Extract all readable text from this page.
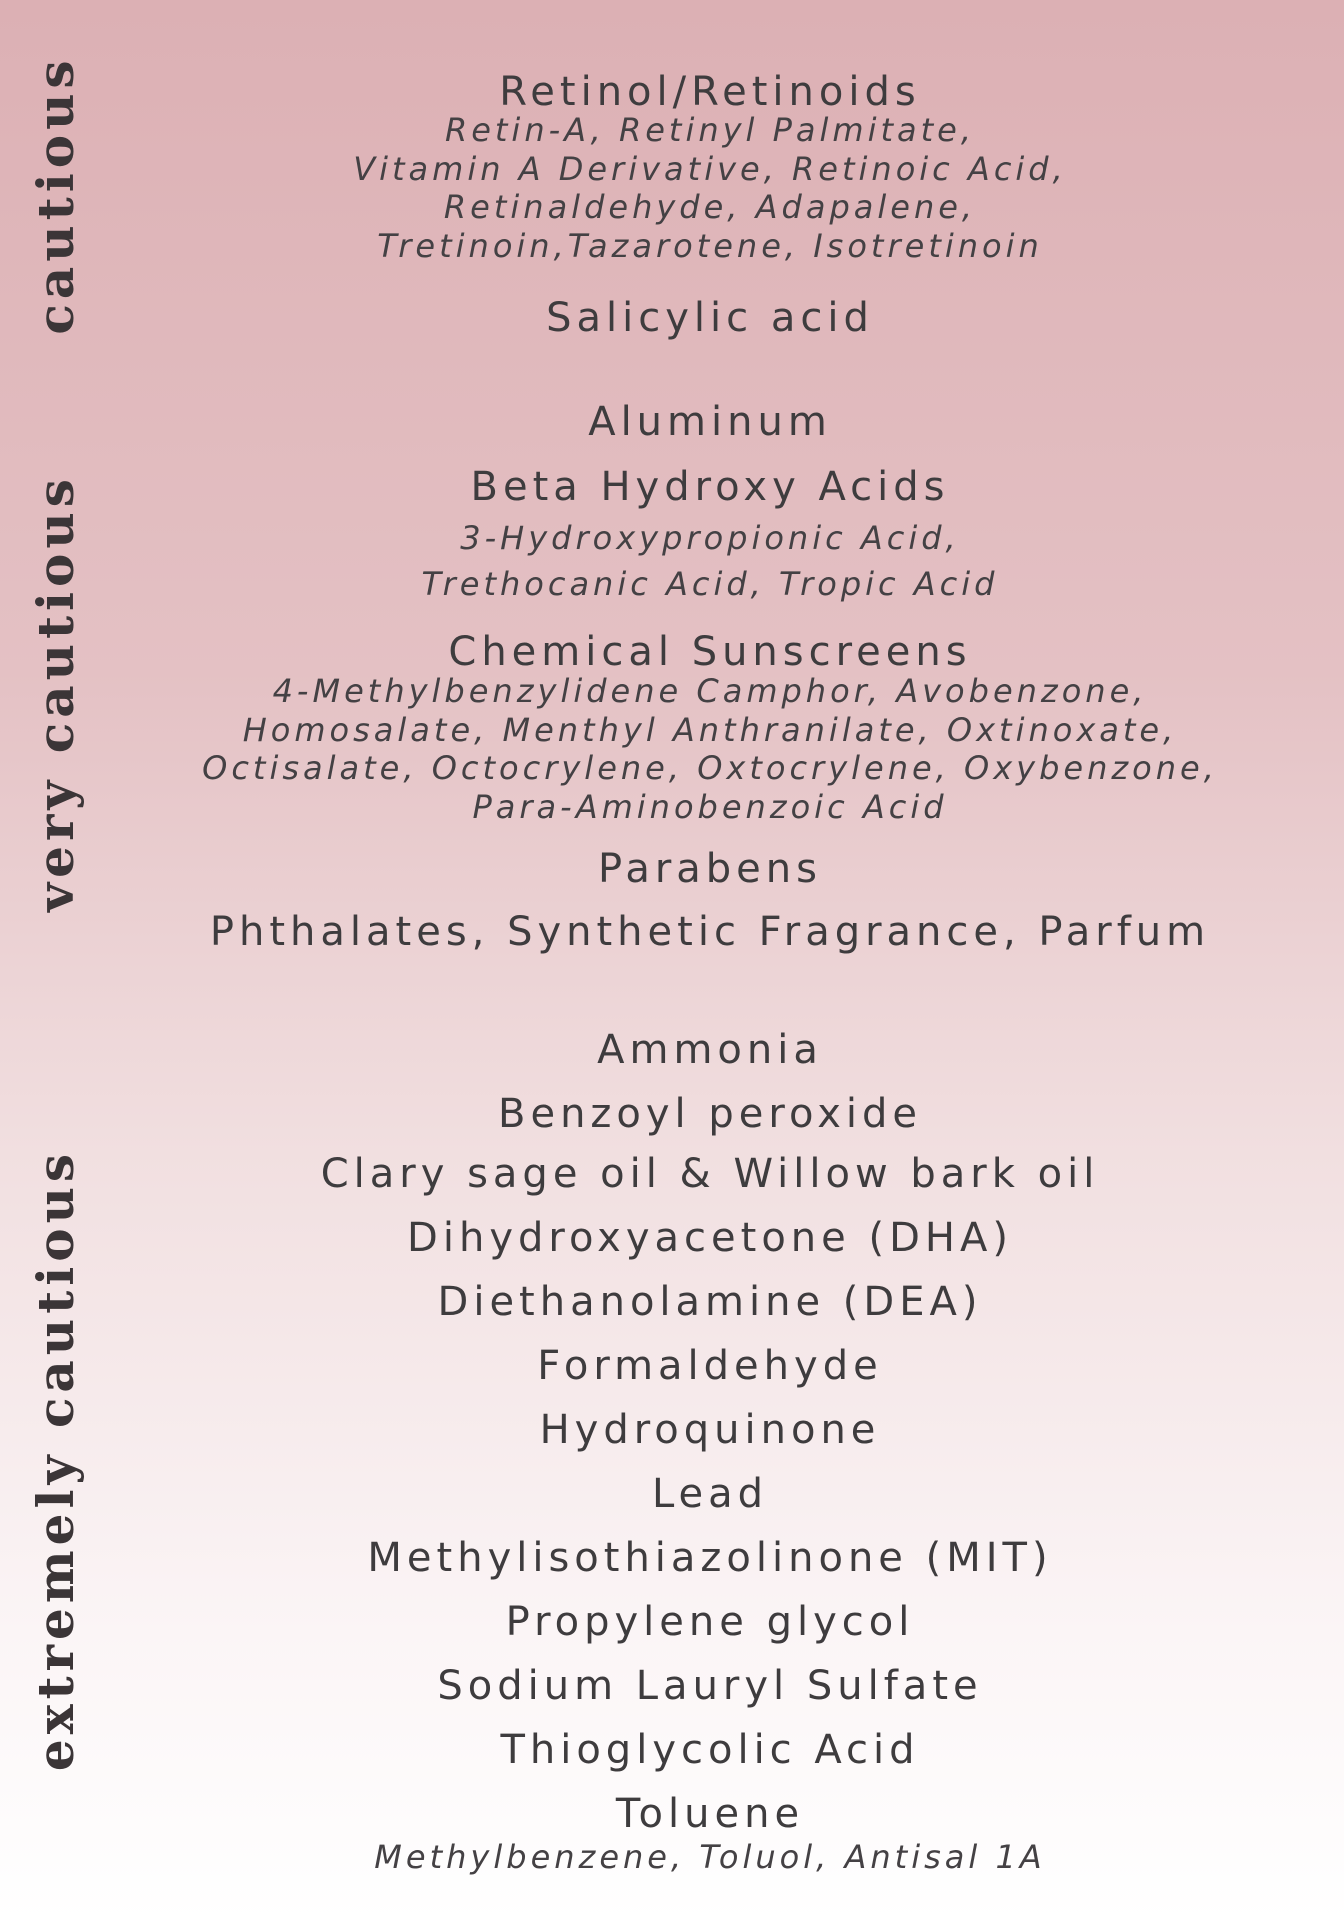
cautious
very cautious
extremely cautious
Retinol/Retinoids
Retin-A, Retinyl Palmitate,
Vitamin A Derivative, Retinoic Acid,
Retinaldehyde, Adapalene,
Tretinoin,Tazarotene, Isotretinoin
Salicylic acid
Aluminum
Beta Hydroxy Acids
3-Hydroxypropionic Acid,
Trethocanic Acid, Tropic Acid
Chemical Sunscreens
4-Methylbenzylidene Camphor, Avobenzone,
Homosalate, Menthyl Anthranilate, Oxtinoxate,
Octisalate, Octocrylene, Oxtocrylene, Oxybenzone,
Para-Aminobenzoic Acid
Parabens
Phthalates, Synthetic Fragrance, Parfum
Ammonia
Benzoyl peroxide
Clary sage oil & Willow bark oil
Dihydroxyacetone (DHA)
Diethanolamine (DEA)
Formaldehyde
Hydroquinone
Lead
Methylisothiazolinone (MIT)
Propylene glycol
Sodium Lauryl Sulfate
Thioglycolic Acid
Toluene
Methylbenzene, Toluol, Antisal 1A
